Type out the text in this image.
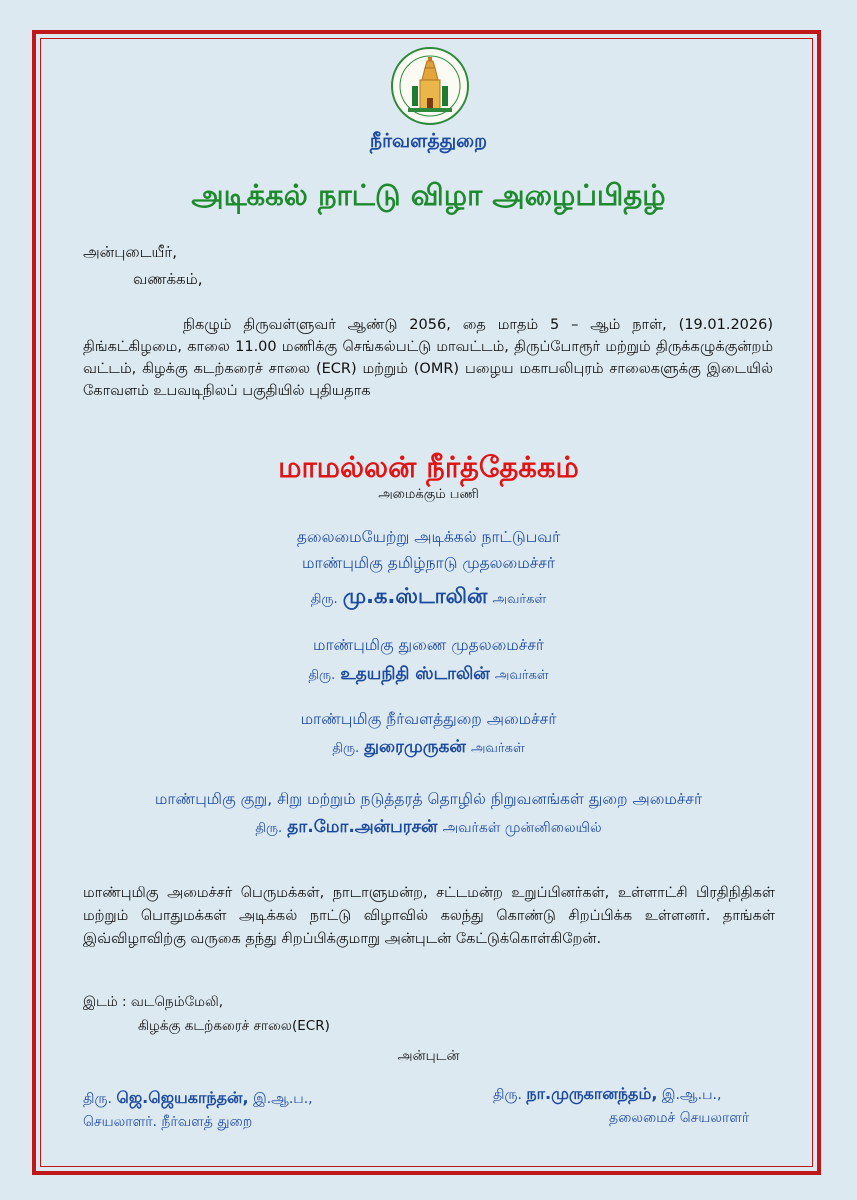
நீர்வளத்துறை
அடிக்கல் நாட்டு விழா அழைப்பிதழ்
அன்புடையீர்,
வணக்கம்,
நிகழும் திருவள்ளுவர் ஆண்டு 2056, தை மாதம் 5 – ஆம் நாள், (19.01.2026) திங்கட்கிழமை, காலை 11.00 மணிக்கு செங்கல்பட்டு மாவட்டம், திருப்போரூர் மற்றும் திருக்கழுக்குன்றம் வட்டம், கிழக்கு கடற்கரைச் சாலை (ECR) மற்றும் (OMR) பழைய மகாபலிபுரம் சாலைகளுக்கு இடையில் கோவளம் உபவடிநிலப் பகுதியில் புதியதாக
மாமல்லன் நீர்த்தேக்கம்
அமைக்கும் பணி
தலைமையேற்று அடிக்கல் நாட்டுபவர்
மாண்புமிகு தமிழ்நாடு முதலமைச்சர்
திரு. மு.க.ஸ்டாலின் அவர்கள்
மாண்புமிகு துணை முதலமைச்சர்
திரு. உதயநிதி ஸ்டாலின் அவர்கள்
மாண்புமிகு நீர்வளத்துறை அமைச்சர்
திரு. துரைமுருகன் அவர்கள்
மாண்புமிகு குறு, சிறு மற்றும் நடுத்தரத் தொழில் நிறுவனங்கள் துறை அமைச்சர்
திரு. தா.மோ.அன்பரசன் அவர்கள் முன்னிலையில்
மாண்புமிகு அமைச்சர் பெருமக்கள், நாடாளுமன்ற, சட்டமன்ற உறுப்பினர்கள், உள்ளாட்சி பிரதிநிதிகள் மற்றும் பொதுமக்கள் அடிக்கல் நாட்டு விழாவில் கலந்து கொண்டு சிறப்பிக்க உள்ளனர். தாங்கள் இவ்விழாவிற்கு வருகை தந்து சிறப்பிக்குமாறு அன்புடன் கேட்டுக்கொள்கிறேன்.
இடம் : வடநெம்மேலி,
கிழக்கு கடற்கரைச் சாலை(ECR)
அன்புடன்
திரு. ஜெ.ஜெயகாந்தன், இ.ஆ.ப.,
செயலாளர். நீர்வளத் துறை
திரு. நா.முருகானந்தம், இ.ஆ.ப.,
தலைமைச் செயலாளர்
